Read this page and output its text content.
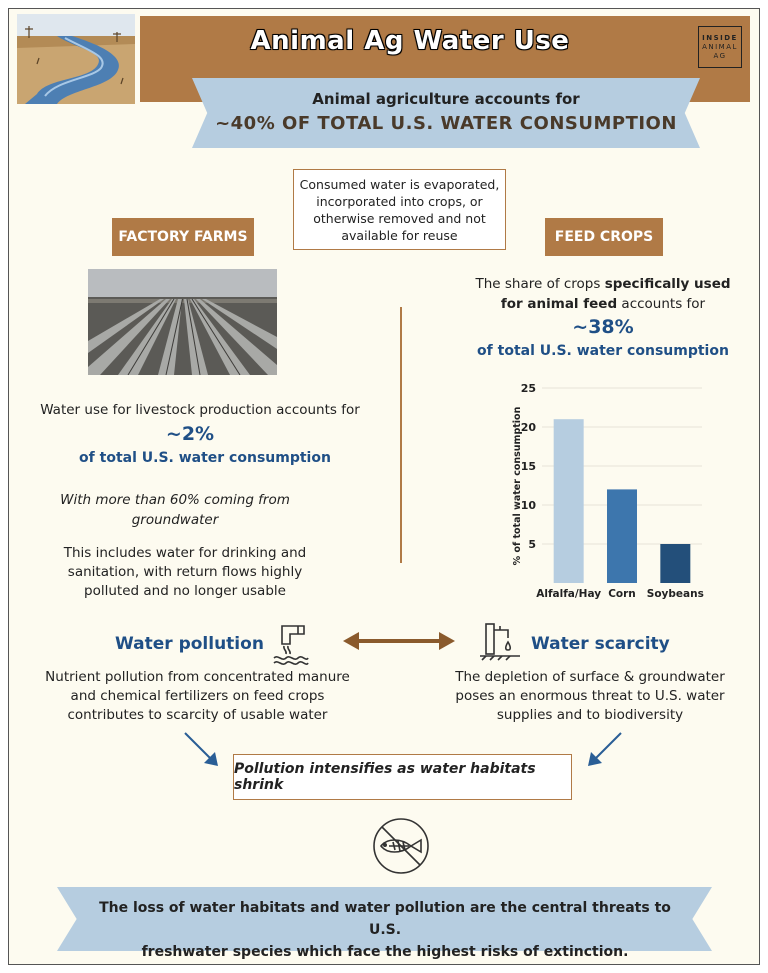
Animal Ag Water Use	INSIDE
ANIMAL
AG
Animal agriculture accounts for
~40% OF TOTAL U.S. WATER CONSUMPTION
Consumed water is evaporated, incorporated into crops, or otherwise removed and not available for reuse
FACTORY FARMS
Water use for livestock production accounts for
~2%
of total U.S. water consumption
With more than 60% coming from groundwater
This includes water for drinking and sanitation, with return flows highly polluted and no longer usable
FEED CROPS
The share of crops specifically used for animal feed accounts for
~38%
of total U.S. water consumption
5
10
15
20
25
Alfalfa/Hay Corn Soybeans
% of total water consumption
Water pollution
Nutrient pollution from concentrated manure and chemical fertilizers on feed crops contributes to scarcity of usable water
Water scarcity
The depletion of surface & groundwater poses an enormous threat to U.S. water supplies and to biodiversity
Pollution intensifies as water habitats shrink
The loss of water habitats and water pollution are the central threats to U.S.
freshwater species which face the highest risks of extinction.
